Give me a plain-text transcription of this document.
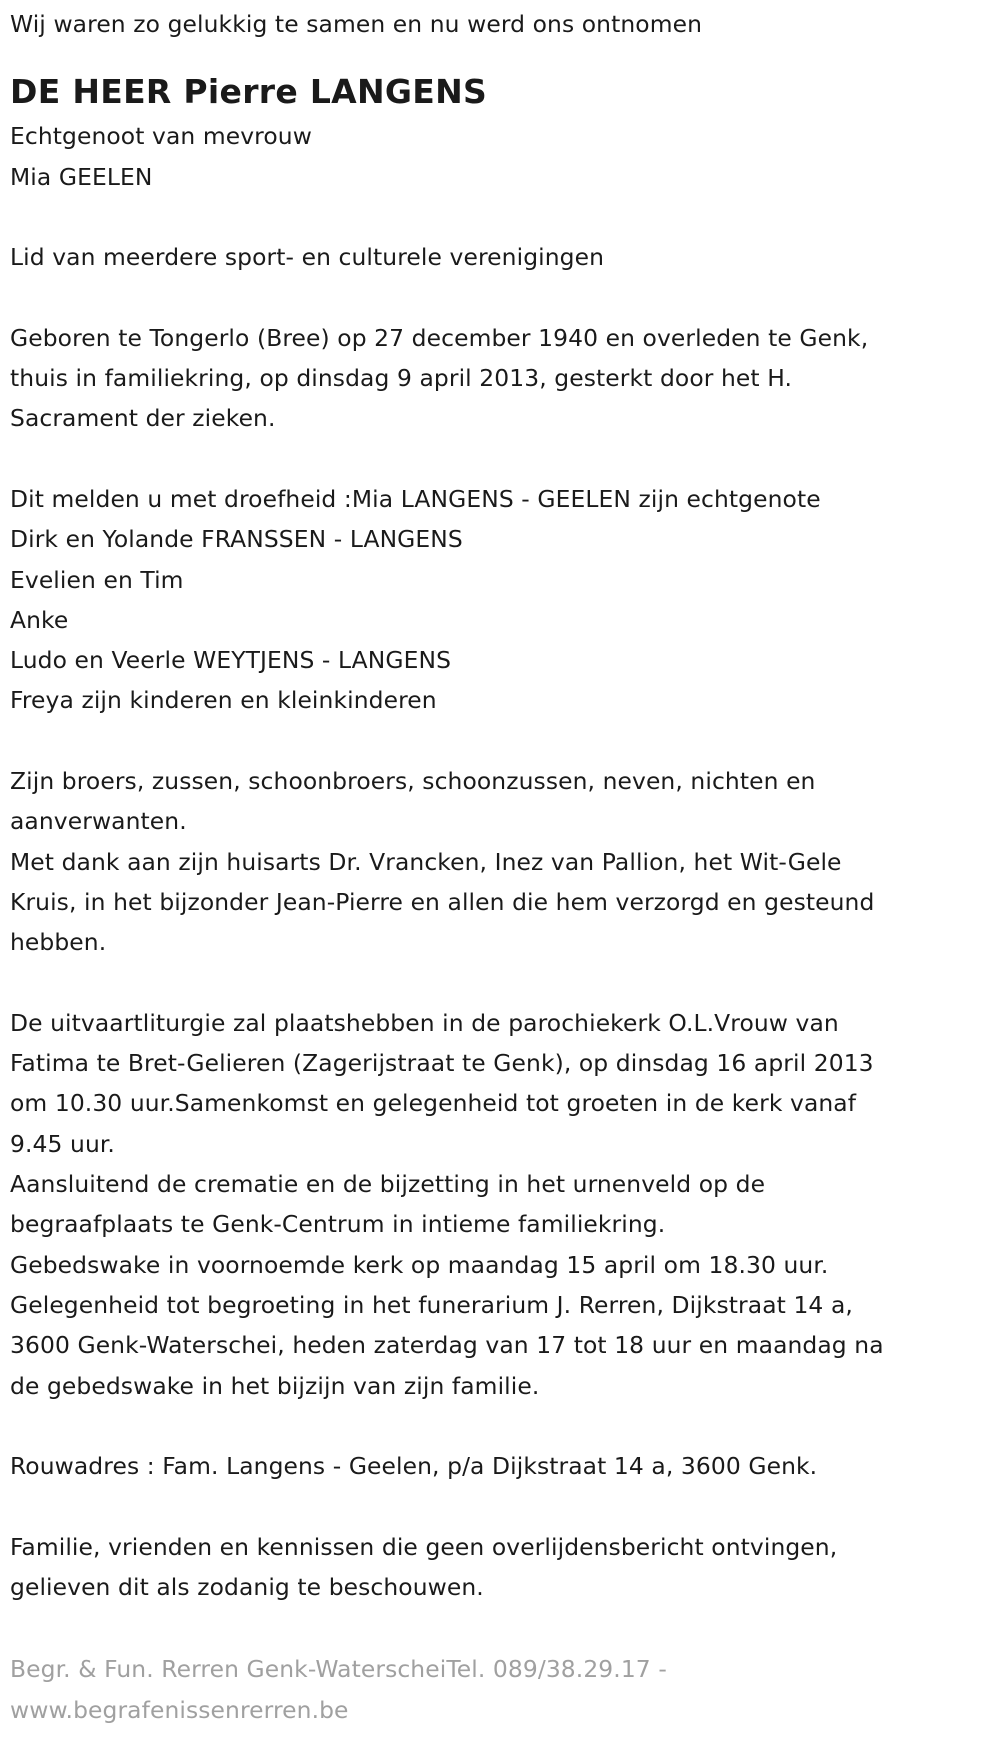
Wij waren zo gelukkig te samen en nu werd ons ontnomen
DE HEER Pierre LANGENS
Echtgenoot van mevrouw
Mia GEELEN
Lid van meerdere sport- en culturele verenigingen
Geboren te Tongerlo (Bree) op 27 december 1940 en overleden te Genk,
thuis in familiekring, op dinsdag 9 april 2013, gesterkt door het H.
Sacrament der zieken.
Dit melden u met droefheid :Mia LANGENS - GEELEN zijn echtgenote
Dirk en Yolande FRANSSEN - LANGENS
Evelien en Tim
Anke
Ludo en Veerle WEYTJENS - LANGENS
Freya zijn kinderen en kleinkinderen
Zijn broers, zussen, schoonbroers, schoonzussen, neven, nichten en
aanverwanten.
Met dank aan zijn huisarts Dr. Vrancken, Inez van Pallion, het Wit-Gele
Kruis, in het bijzonder Jean-Pierre en allen die hem verzorgd en gesteund
hebben.
De uitvaartliturgie zal plaatshebben in de parochiekerk O.L.Vrouw van
Fatima te Bret-Gelieren (Zagerijstraat te Genk), op dinsdag 16 april 2013
om 10.30 uur.Samenkomst en gelegenheid tot groeten in de kerk vanaf
9.45 uur.
Aansluitend de crematie en de bijzetting in het urnenveld op de
begraafplaats te Genk-Centrum in intieme familiekring.
Gebedswake in voornoemde kerk op maandag 15 april om 18.30 uur.
Gelegenheid tot begroeting in het funerarium J. Rerren, Dijkstraat 14 a,
3600 Genk-Waterschei, heden zaterdag van 17 tot 18 uur en maandag na
de gebedswake in het bijzijn van zijn familie.
Rouwadres : Fam. Langens - Geelen, p/a Dijkstraat 14 a, 3600 Genk.
Familie, vrienden en kennissen die geen overlijdensbericht ontvingen,
gelieven dit als zodanig te beschouwen.
Begr. & Fun. Rerren Genk-WaterscheiTel. 089/38.29.17 -
www.begrafenissenrerren.be
